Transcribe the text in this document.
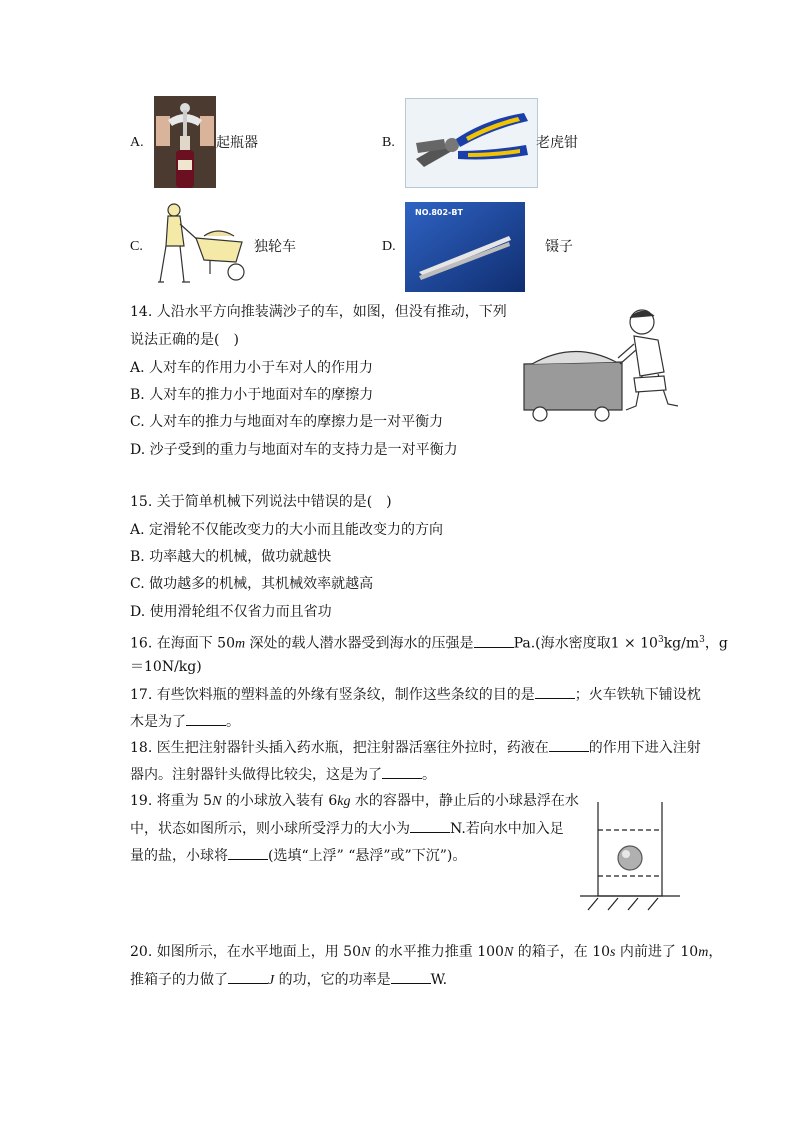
A.	起瓶器	B.	老虎钳
C.	独轮车	D.
NO.802-BT
镊子
14. 人沿水平方向推装满沙子的车，如图，但没有推动，下列
说法正确的是(　)
A. 人对车的作用力小于车对人的作用力
B. 人对车的推力小于地面对车的摩擦力
C. 人对车的推力与地面对车的摩擦力是一对平衡力
D. 沙子受到的重力与地面对车的支持力是一对平衡力
15. 关于简单机械下列说法中错误的是(　)
A. 定滑轮不仅能改变力的大小而且能改变力的方向
B. 功率越大的机械，做功就越快
C. 做功越多的机械，其机械效率就越高
D. 使用滑轮组不仅省力而且省功
16. 在海面下 50m 深处的载人潜水器受到海水的压强是	Pa.(海水密度取$1 \times 10^3kg/m^3$，g
＝10N/kg)
17. 有些饮料瓶的塑料盖的外缘有竖条纹，制作这些条纹的目的是	；火车铁轨下铺设枕
木是为了	。
18. 医生把注射器针头插入药水瓶，把注射器活塞往外拉时，药液在	的作用下进入注射
器内。注射器针头做得比较尖，这是为了	。
19. 将重为 5N 的小球放入装有 6kg 水的容器中，静止后的小球悬浮在水
中，状态如图所示，则小球所受浮力的大小为	N.若向水中加入足
量的盐，小球将	(选填“上浮” “悬浮”或”下沉”)。
20. 如图所示，在水平地面上，用 50N 的水平推力推重 100N 的箱子，在 10s 内前进了 10m，
推箱子的力做了	J 的功，它的功率是	W.
